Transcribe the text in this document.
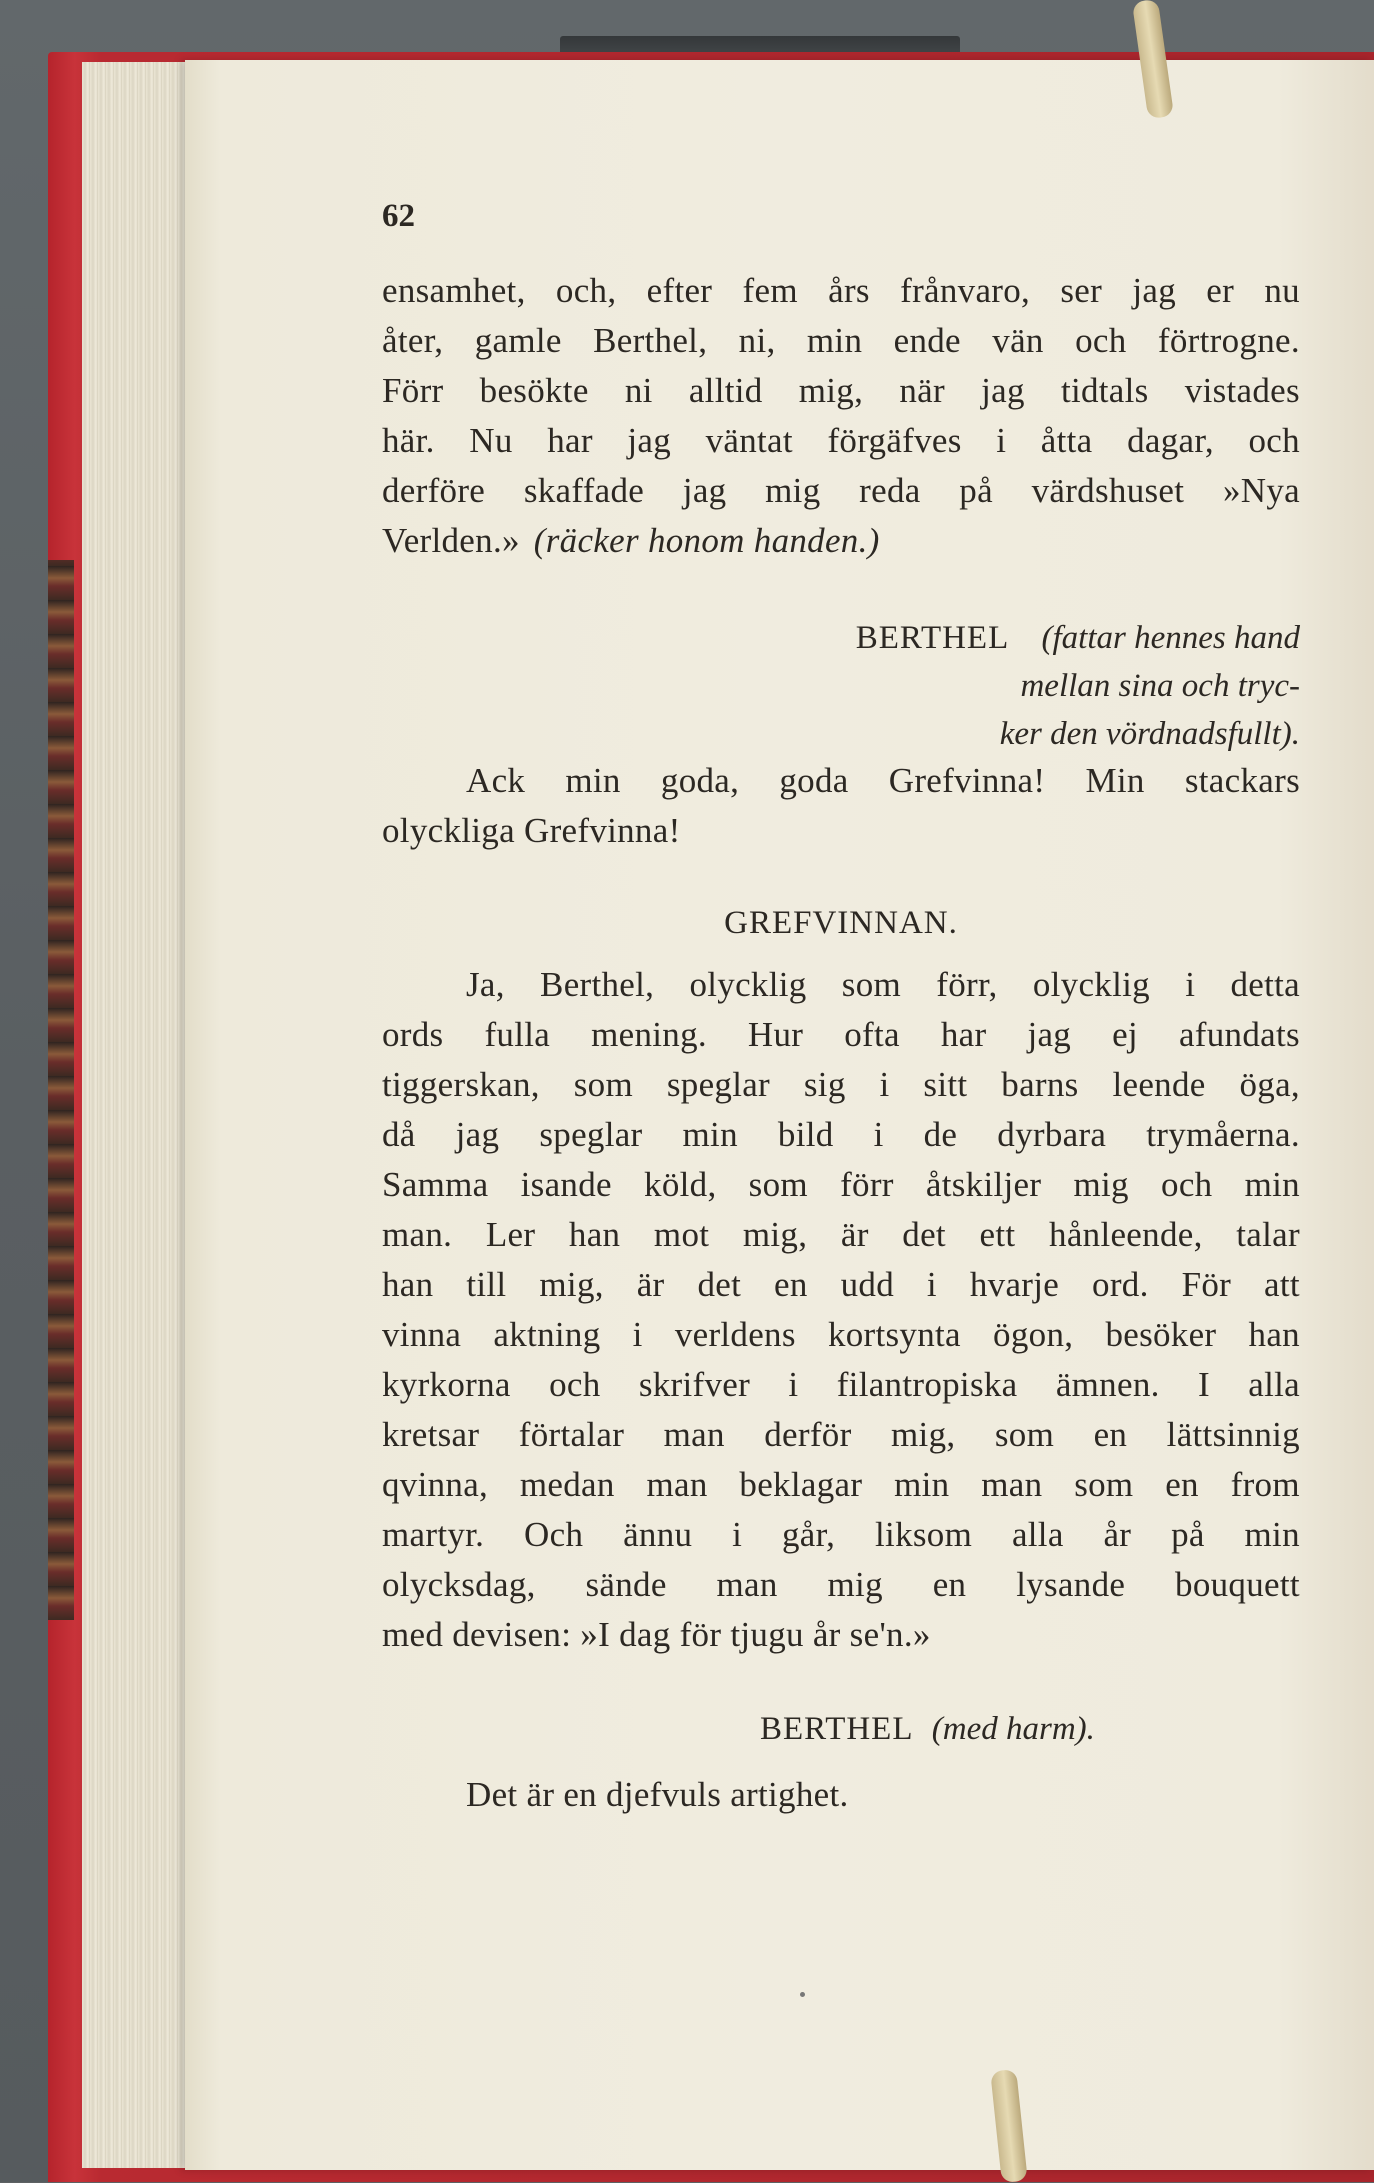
62
ensamhet, och, efter fem års frånvaro, ser jag er nu
åter, gamle Berthel, ni, min ende vän och förtrogne.
Förr besökte ni alltid mig, när jag tidtals vistades
här. Nu har jag väntat förgäfves i åtta dagar, och
derföre skaffade jag mig reda på värdshuset »Nya
Verlden.» (räcker honom handen.)
BERTHEL (fattar hennes hand
mellan sina och tryc-
ker den vördnadsfullt).
Ack min goda, goda Grefvinna! Min stackars
olyckliga Grefvinna!
GREFVINNAN.
Ja, Berthel, olycklig som förr, olycklig i detta
ords fulla mening. Hur ofta har jag ej afundats
tiggerskan, som speglar sig i sitt barns leende öga,
då jag speglar min bild i de dyrbara trymåerna.
Samma isande köld, som förr åtskiljer mig och min
man. Ler han mot mig, är det ett hånleende, talar
han till mig, är det en udd i hvarje ord. För att
vinna aktning i verldens kortsynta ögon, besöker han
kyrkorna och skrifver i filantropiska ämnen. I alla
kretsar förtalar man derför mig, som en lättsinnig
qvinna, medan man beklagar min man som en from
martyr. Och ännu i går, liksom alla år på min
olycksdag, sände man mig en lysande bouquett
med devisen: »I dag för tjugu år se'n.»
BERTHEL (med harm).
Det är en djefvuls artighet.
